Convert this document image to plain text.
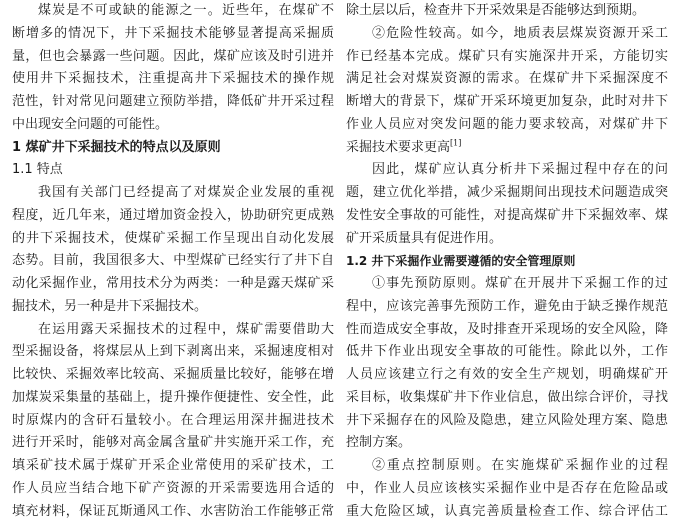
煤炭是不可或缺的能源之一。近些年，在煤矿不
断增多的情况下，井下采掘技术能够显著提高采掘质
量，但也会暴露一些问题。因此，煤矿应该及时引进并
使用井下采掘技术，注重提高井下采掘技术的操作规
范性，针对常见问题建立预防举措，降低矿井开采过程
中出现安全问题的可能性。
1 煤矿井下采掘技术的特点以及原则
1.1 特点
我国有关部门已经提高了对煤炭企业发展的重视
程度，近几年来，通过增加资金投入，协助研究更成熟
的井下采掘技术，使煤矿采掘工作呈现出自动化发展
态势。目前，我国很多大、中型煤矿已经实行了井下自
动化采掘作业，常用技术分为两类：一种是露天煤矿采
掘技术，另一种是井下采掘技术。
在运用露天采掘技术的过程中，煤矿需要借助大
型采掘设备，将煤层从上到下剥离出来，采掘速度相对
比较快、采掘效率比较高、采掘质量比较好，能够在增
加煤炭采集量的基础上，提升操作便捷性、安全性，此
时原煤内的含矸石量较小。在合理运用深井掘进技术
进行开采时，能够对高金属含量矿井实施开采工作，充
填采矿技术属于煤矿开采企业常使用的采矿技术，工
作人员应当结合地下矿产资源的开采需要选用合适的
填充材料，保证瓦斯通风工作、水害防治工作能够正常
除土层以后，检查井下开采效果是否能够达到预期。
②危险性较高。如今，地质表层煤炭资源开采工
作已经基本完成。煤矿只有实施深井开采，方能切实
满足社会对煤炭资源的需求。在煤矿井下采掘深度不
断增大的背景下，煤矿开采环境更加复杂，此时对井下
作业人员应对突发问题的能力要求较高，对煤矿井下
采掘技术要求更高[1]
因此，煤矿应认真分析井下采掘过程中存在的问
题，建立优化举措，减少采掘期间出现技术问题造成突
发性安全事故的可能性，对提高煤矿井下采掘效率、煤
矿开采质量具有促进作用。
1.2 井下采掘作业需要遵循的安全管理原则
①事先预防原则。煤矿在开展井下采掘工作的过
程中，应该完善事先预防工作，避免由于缺乏操作规范
性而造成安全事故，及时排查开采现场的安全风险，降
低井下作业出现安全事故的可能性。除此以外，工作
人员应该建立行之有效的安全生产规划，明确煤矿开
采目标，收集煤矿井下作业信息，做出综合评价，寻找
井下采掘存在的风险及隐患，建立风险处理方案、隐患
控制方案。
②重点控制原则。在实施煤矿采掘作业的过程
中，作业人员应该核实采掘作业中是否存在危险品或
重大危险区域，认真完善质量检查工作、综合评估工
